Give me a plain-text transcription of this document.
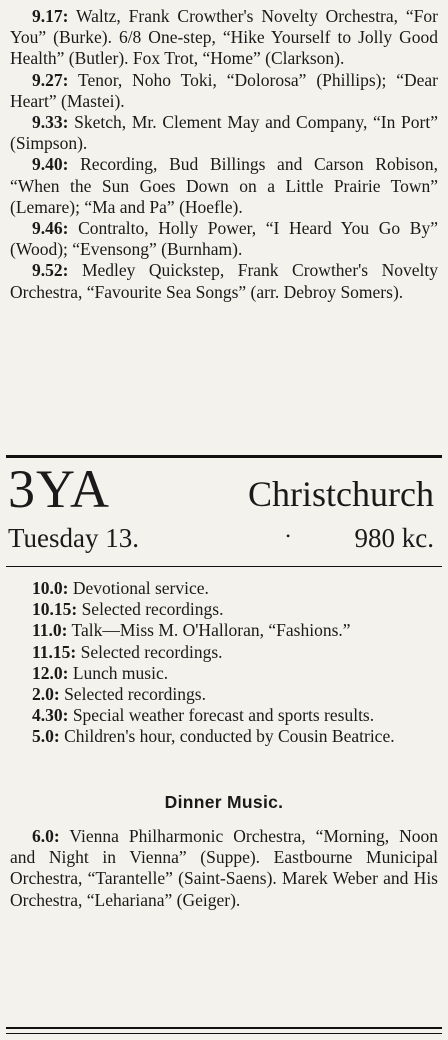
9.17: Waltz, Frank Crowther's Novelty Orchestra, “For You” (Burke). 6/8 One-step, “Hike Yourself to Jolly Good Health” (Butler). Fox Trot, “Home” (Clarkson).

9.27: Tenor, Noho Toki, “Dolorosa” (Phillips); “Dear Heart” (Mastei).

9.33: Sketch, Mr. Clement May and Company, “In Port” (Simpson).

9.40: Recording, Bud Billings and Carson Robison, “When the Sun Goes Down on a Little Prairie Town” (Lemare); “Ma and Pa” (Hoefle).

9.46: Contralto, Holly Power, “I Heard You Go By” (Wood); “Evensong” (Burnham).

9.52: Medley Quickstep, Frank Crowther's Novelty Orchestra, “Favourite Sea Songs” (arr. Debroy Somers).

3YA	Christchurch
Tuesday 13.	• 980 kc.

10.0: Devotional service.

10.15: Selected recordings.

11.0: Talk—Miss M. O'Halloran, “Fashions.”

11.15: Selected recordings.

12.0: Lunch music.

2.0: Selected recordings.

4.30: Special weather forecast and sports results.

5.0: Children's hour, conducted by Cousin Beatrice.

Dinner Music.

6.0: Vienna Philharmonic Orchestra, “Morning, Noon and Night in Vienna” (Suppe). Eastbourne Municipal Orchestra, “Tarantelle” (Saint-Saens). Marek Weber and His Orchestra, “Lehariana” (Geiger).
